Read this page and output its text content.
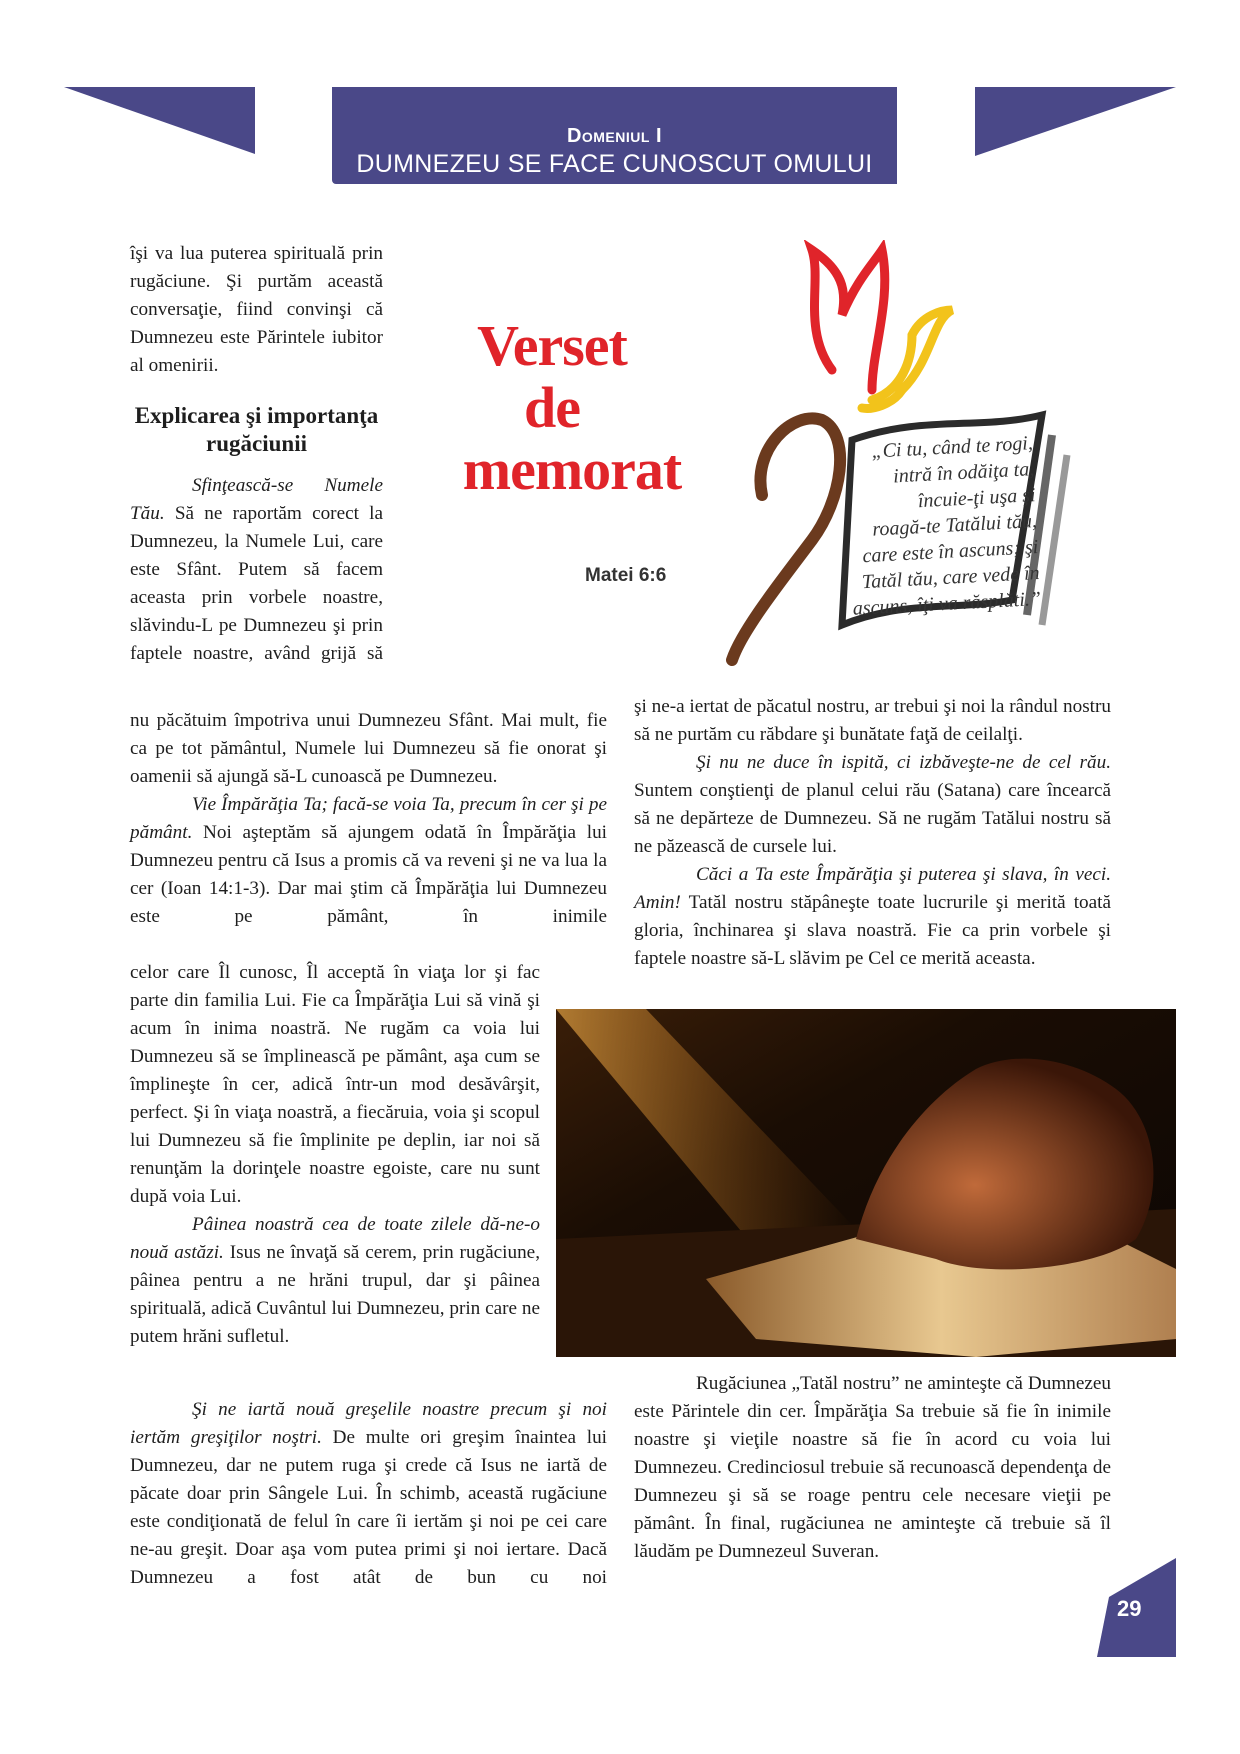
Domeniul I
DUMNEZEU SE FACE CUNOSCUT OMULUI

îşi va lua puterea spirituală prin rugăciune. Şi purtăm această conversaţie, fiind convinşi că Dumnezeu este Părintele iubitor al omenirii.

Explicarea şi importanţa rugăciunii

Sfinţească-se Numele Tău. Să ne raportăm corect la Dumnezeu, la Numele Lui, care este Sfânt. Putem să facem aceasta prin vorbele noastre, slăvindu-L pe Dumnezeu şi prin faptele noastre, având grijă să

nu păcătuim împotriva unui Dumnezeu Sfânt. Mai mult, fie ca pe tot pământul, Numele lui Dumnezeu să fie onorat şi oamenii să ajungă să-L cunoască pe Dumnezeu.

Vie Împărăţia Ta; facă-se voia Ta, precum în cer şi pe pământ. Noi aşteptăm să ajungem odată în Împărăţia lui Dumnezeu pentru că Isus a promis că va reveni şi ne va lua la cer (Ioan 14:1-3). Dar mai ştim că Împărăţia lui Dumnezeu este pe pământ, în inimile

celor care Îl cunosc, Îl acceptă în viaţa lor şi fac parte din familia Lui. Fie ca Împărăţia Lui să vină şi acum în inima noastră. Ne rugăm ca voia lui Dumnezeu să se împlinească pe pământ, aşa cum se împlineşte în cer, adică într-un mod desăvârşit, perfect. Şi în viaţa noastră, a fiecăruia, voia şi scopul lui Dumnezeu să fie împlinite pe deplin, iar noi să renunţăm la dorinţele noastre egoiste, care nu sunt după voia Lui.

Pâinea noastră cea de toate zilele dă-ne-o nouă astăzi. Isus ne învaţă să cerem, prin rugăciune, pâinea pentru a ne hrăni trupul, dar şi pâinea spirituală, adică Cuvântul lui Dumnezeu, prin care ne putem hrăni sufletul.

Şi ne iartă nouă greşelile noastre precum şi noi iertăm greşiţilor noştri. De multe ori greşim înaintea lui Dumnezeu, dar ne putem ruga şi crede că Isus ne iartă de păcate doar prin Sângele Lui. În schimb, această rugăciune este condiţionată de felul în care îi iertăm şi noi pe cei care ne-au greşit. Doar aşa vom putea primi şi noi iertare. Dacă Dumnezeu a fost atât de bun cu noi

şi ne-a iertat de păcatul nostru, ar trebui şi noi la rândul nostru să ne purtăm cu răbdare şi bunătate faţă de ceilalţi.

Şi nu ne duce în ispită, ci izbăveşte-ne de cel rău. Suntem conştienţi de planul celui rău (Satana) care încearcă să ne depărteze de Dumnezeu. Să ne rugăm Tatălui nostru să ne păzească de cursele lui.

Căci a Ta este Împărăţia şi puterea şi slava, în veci. Amin! Tatăl nostru stăpâneşte toate lucrurile şi merită toată gloria, închinarea şi slava noastră. Fie ca prin vorbele şi faptele noastre să-L slăvim pe Cel ce merită aceasta.

Rugăciunea „Tatăl nostru” ne aminteşte că Dumnezeu este Părintele din cer. Împărăţia Sa trebuie să fie în inimile noastre şi vieţile noastre să fie în acord cu voia lui Dumnezeu. Credinciosul trebuie să recunoască dependenţa de Dumnezeu şi să se roage pentru cele necesare vieţii pe pământ. În final, rugăciunea ne aminteşte că trebuie să îl lăudăm pe Dumnezeul Suveran.

Verset
de
memorat
Matei 6:6
„Ci tu, când te rogi,
intră în odăiţa ta,
încuie-ţi uşa şi
roagă-te Tatălui tău,
care este în ascuns; şi
Tatăl tău, care vede în
ascuns, îţi va răsplăti.”
29
